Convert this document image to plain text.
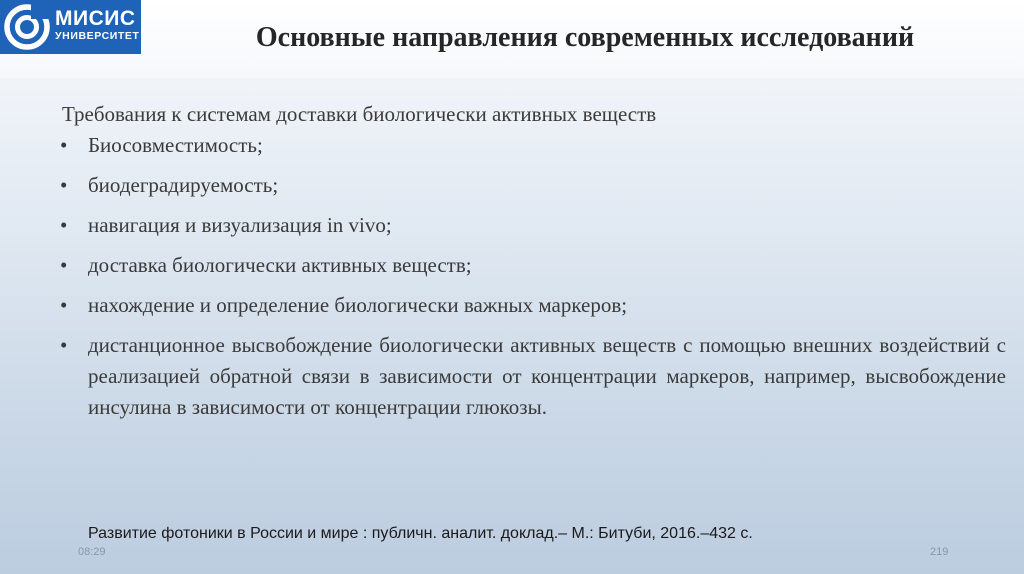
МИСИС
УНИВЕРСИТЕТ	Основные направления современных исследований
Требования к системам доставки биологически активных веществ
• Биосовместимость;
• биодеградируемость;
• навигация и визуализация in vivo;
• доставка биологически активных веществ;
• нахождение и определение биологически важных маркеров;
• дистанционное высвобождение биологически активных веществ с помощью внешних воздействий с реализацией обратной связи в зависимости от концентрации маркеров, например, высвобождение инсулина в зависимости от концентрации глюкозы.
Развитие фотоники в России и мире : публичн. аналит. доклад.– М.: Битуби, 2016.–432 с.
08:29	219
